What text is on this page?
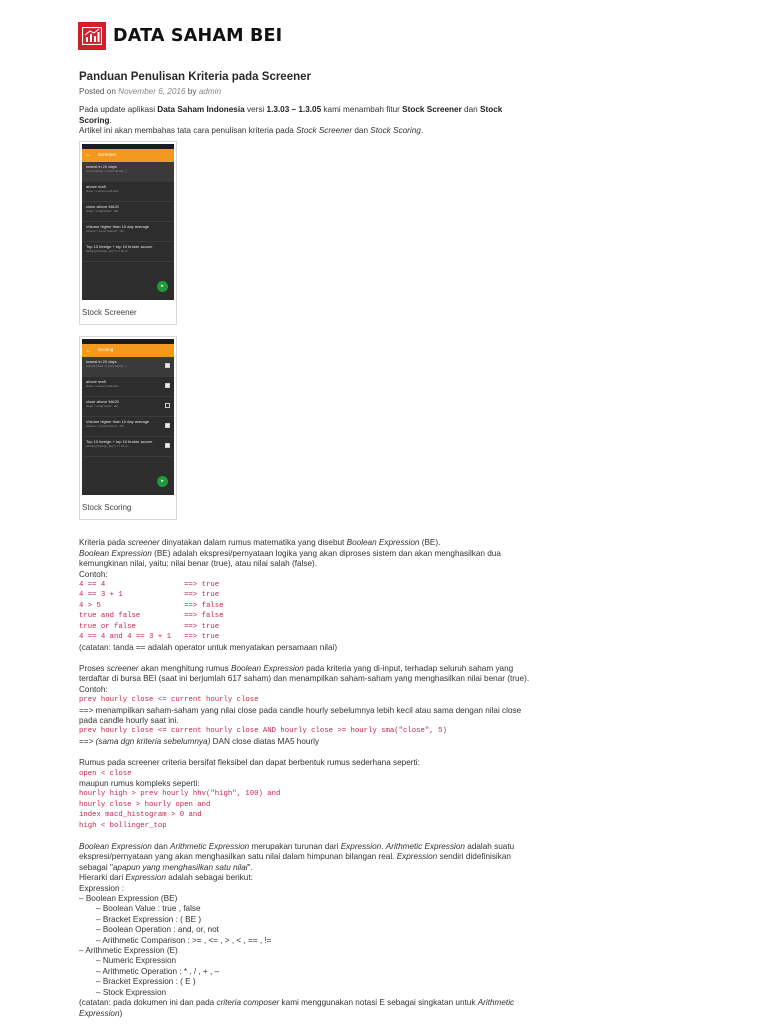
DATA SAHAM BEI
Panduan Penulisan Kriteria pada Screener
Posted on November 6, 2016 by admin
Pada update aplikasi Data Saham Indonesia versi 1.3.03 – 1.3.05 kami menambah fitur Stock Screener dan Stock Scoring.
Artikel ini akan membahas tata cara penulisan kriteria pada Stock Screener dan Stock Scoring.
← Screener
lowest in 20 days
current close <= prev hd llv(...)
above ma5
close > current ma5 and ...
close above MA20
close > sma("close", 20)
Volume higher than 10 day average
volume > sma("volume", 10)
Top 10 foreign + top 10 broker accum
ranking("foreign_buy") <= 10 or ...
▸
Stock Screener
← Scoring
lowest in 20 days
current close <= prev hd llv(...)
above ma5
close > current ma5 and ...
close above MA20
close > sma("close", 20)
Volume higher than 10 day average
volume > sma("volume", 10)
Top 10 foreign + top 10 broker accum
ranking("foreign_buy") <= 10 or ...
▸
Stock Scoring
Kriteria pada screener dinyatakan dalam rumus matematika yang disebut Boolean Expression (BE).
Boolean Expression (BE) adalah ekspresi/pernyataan logika yang akan diproses sistem dan akan menghasilkan dua kemungkinan nilai, yaitu: nilai benar (true), atau nilai salah (false).
Contoh:
4 == 4                  ==> true
4 == 3 + 1              ==> true
4 > 5                   ==> false
true and false          ==> false
true or false           ==> true
4 == 4 and 4 == 3 + 1   ==> true
(catatan: tanda == adalah operator untuk menyatakan persamaan nilai)
Proses screener akan menghitung rumus Boolean Expression pada kriteria yang di-input, terhadap seluruh saham yang terdaftar di bursa BEI (saat ini berjumlah 617 saham) dan menampilkan saham-saham yang menghasilkan nilai benar (true).
Contoh:
prev hourly close <= current hourly close
==> menampilkan saham-saham yang nilai close pada candle hourly sebelumnya lebih kecil atau sama dengan nilai close pada candle hourly saat ini.
prev hourly close <= current hourly close AND hourly close >= hourly sma("close", 5)
==> (sama dgn kriteria sebelumnya) DAN close diatas MA5 hourly
Rumus pada screener criteria bersifat fleksibel dan dapat berbentuk rumus sederhana seperti:
open < close
maupun rumus kompleks seperti:
hourly high > prev hourly hhv("high", 100) and
hourly close > hourly open and
index macd_histogram > 0 and
high < bollinger_top
Boolean Expression dan Arithmetic Expression merupakan turunan dari Expression. Arithmetic Expression adalah suatu ekspresi/pernyataan yang akan menghasilkan satu nilai dalam himpunan bilangan real. Expression sendiri didefinisikan sebagai "apapun yang menghasilkan satu nilai".
Hierarki dari Expression adalah sebagai berikut:
Expression :
– Boolean Expression (BE)
– Boolean Value : true , false
– Bracket Expression : ( BE )
– Boolean Operation : and, or, not
– Arithmetic Comparison : >= , <= , > , < , == , !=
– Arithmetic Expression (E)
– Numeric Expression
– Arithmetic Operation : * , / , + , –
– Bracket Expression : ( E )
– Stock Expression
(catatan: pada dokumen ini dan pada criteria composer kami menggunakan notasi E sebagai singkatan untuk Arithmetic Expression)
